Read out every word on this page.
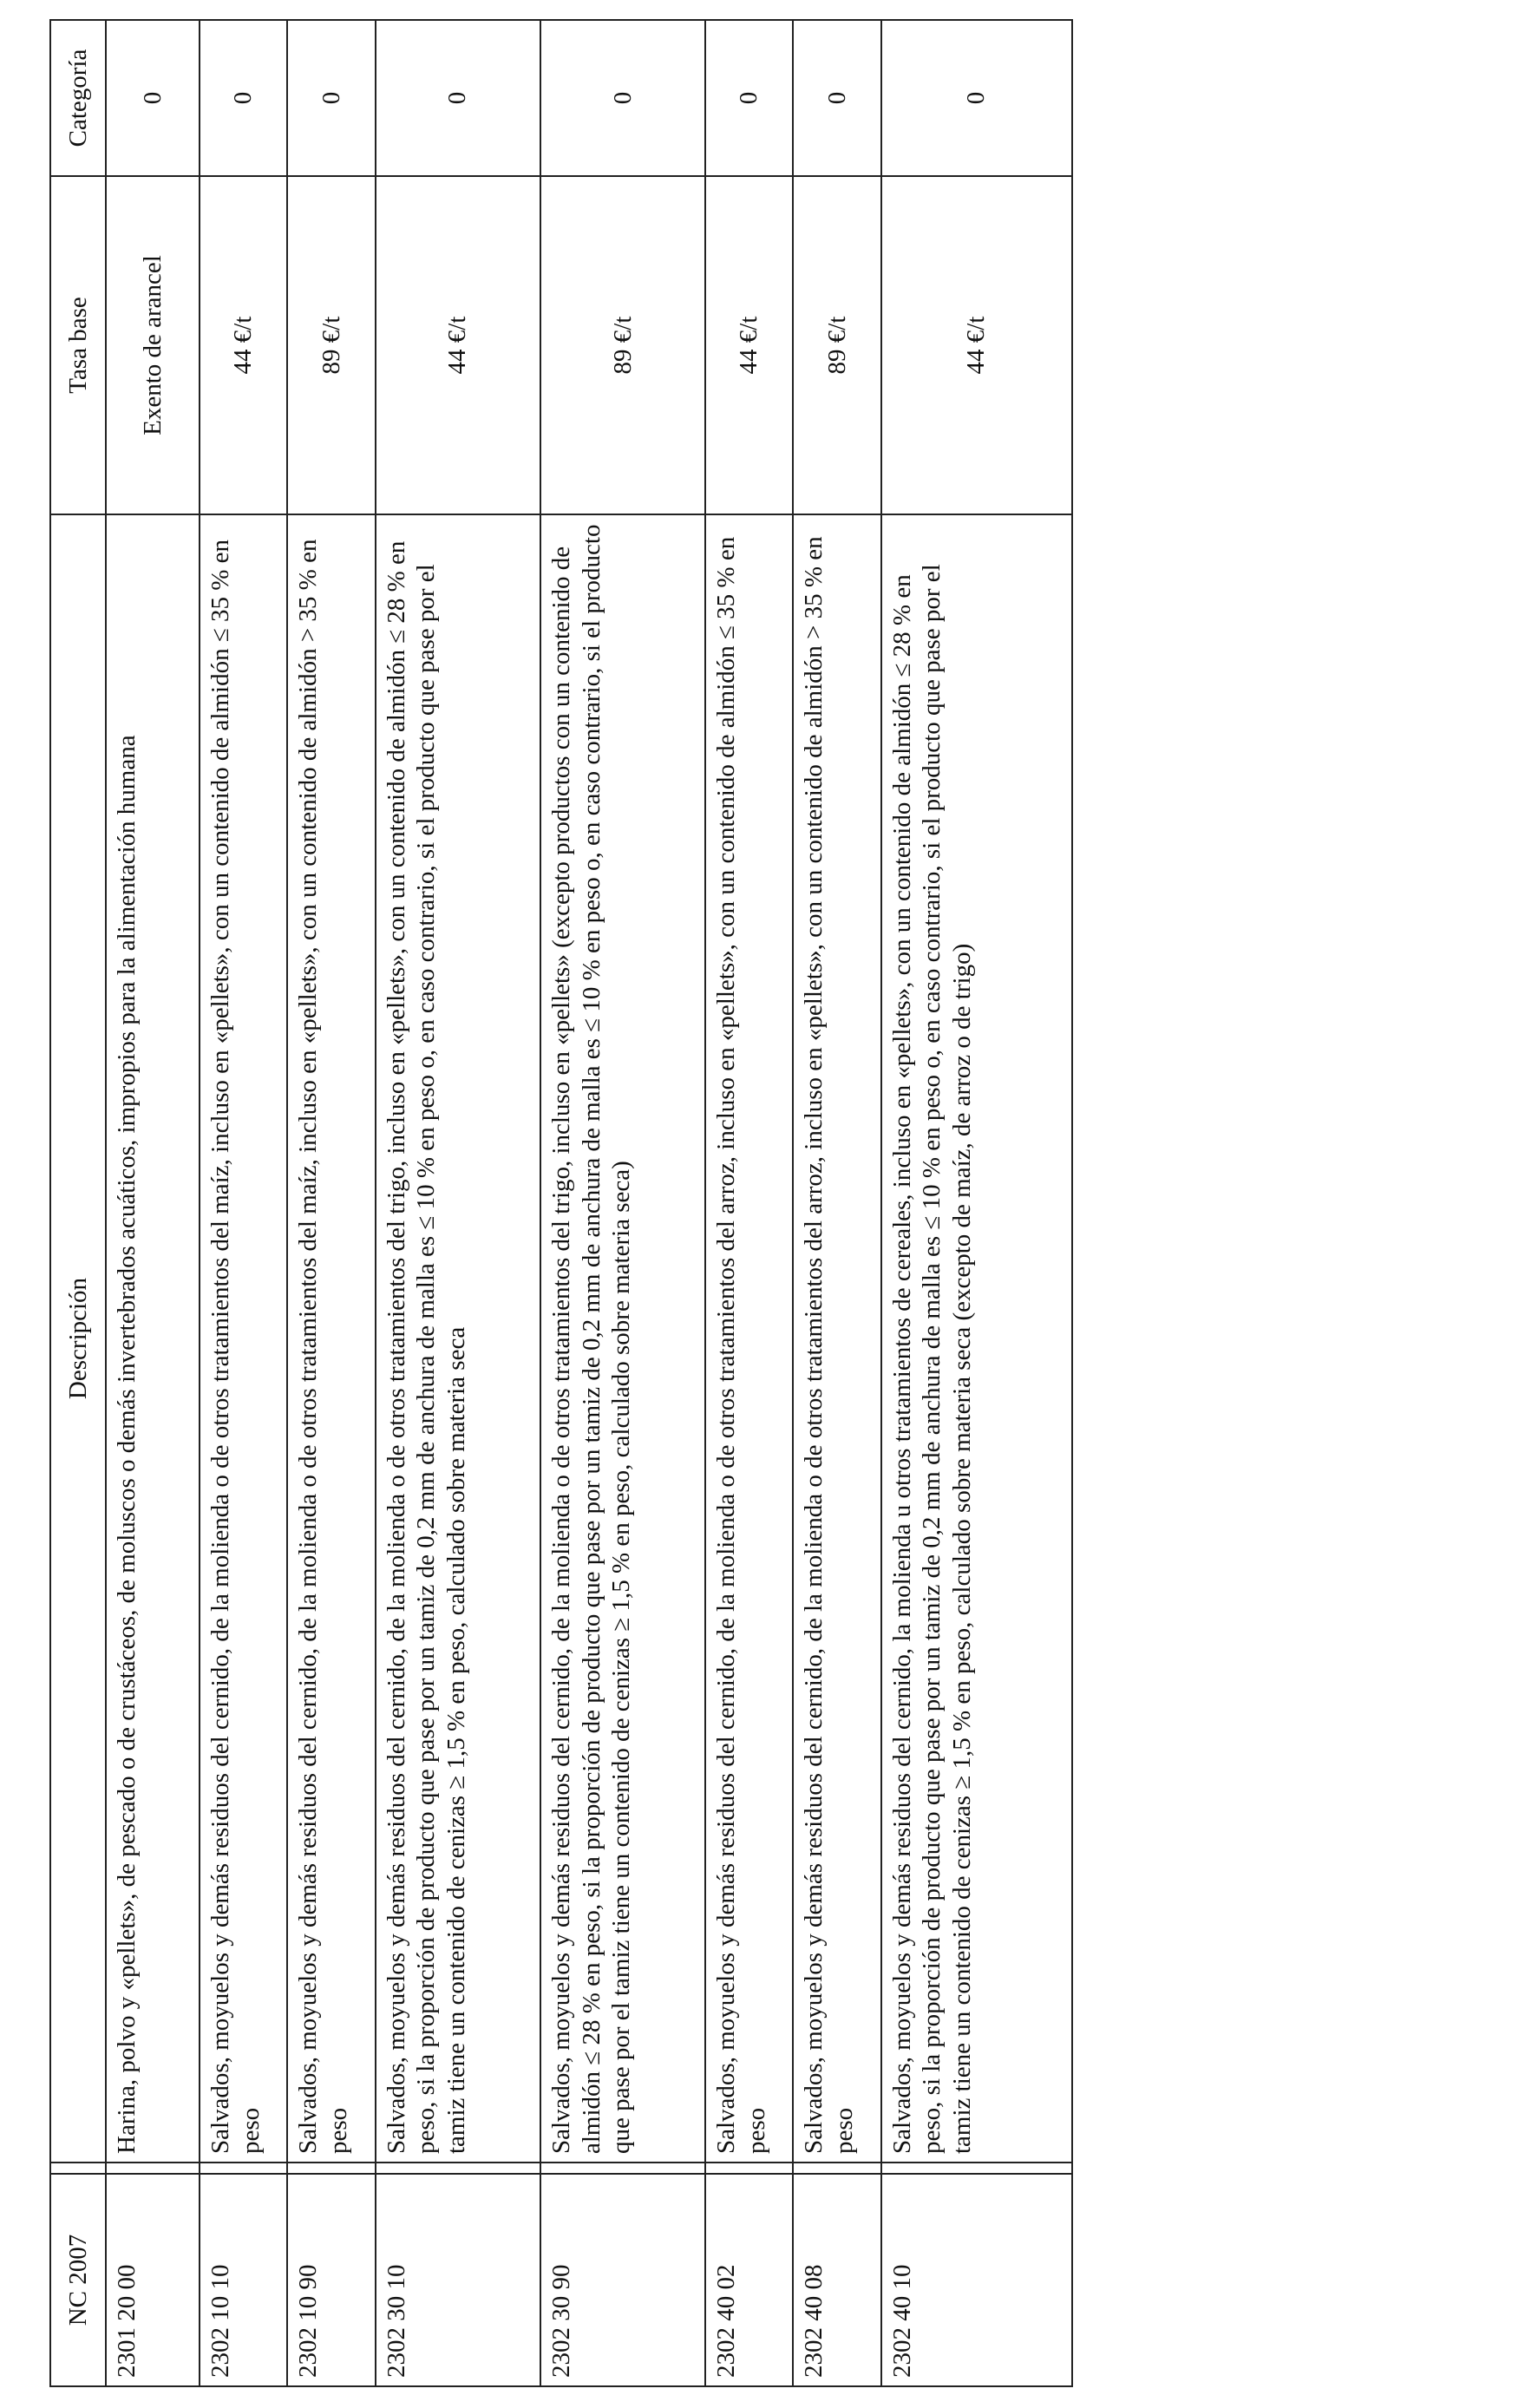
NC 2007		Descripción	Tasa base	Categoría
2301 20 00		Harina, polvo y «pellets», de pescado o de crustáceos, de moluscos o demás invertebrados acuáticos, impropios para la alimentación humana	Exento de arancel	0
2302 10 10		Salvados, moyuelos y demás residuos del cernido, de la molienda o de otros tratamientos del maíz, incluso en «pellets», con un contenido de almidón ≤ 35 % en peso	44 €/t	0
2302 10 90		Salvados, moyuelos y demás residuos del cernido, de la molienda o de otros tratamientos del maíz, incluso en «pellets», con un contenido de almidón > 35 % en peso	89 €/t	0
2302 30 10		Salvados, moyuelos y demás residuos del cernido, de la molienda o de otros tratamientos del trigo, incluso en «pellets», con un contenido de almidón ≤ 28 % en peso, si la proporción de producto que pase por un tamiz de 0,2 mm de anchura de malla es ≤ 10 % en peso o, en caso contrario, si el producto que pase por el tamiz tiene un contenido de cenizas ≥ 1,5 % en peso, calculado sobre materia seca	44 €/t	0
2302 30 90		Salvados, moyuelos y demás residuos del cernido, de la molienda o de otros tratamientos del trigo, incluso en «pellets» (excepto productos con un contenido de almidón ≤ 28 % en peso, si la proporción de producto que pase por un tamiz de 0,2 mm de anchura de malla es ≤ 10 % en peso o, en caso contrario, si el producto que pase por el tamiz tiene un contenido de cenizas ≥ 1,5 % en peso, calculado sobre materia seca)	89 €/t	0
2302 40 02		Salvados, moyuelos y demás residuos del cernido, de la molienda o de otros tratamientos del arroz, incluso en «pellets», con un contenido de almidón ≤ 35 % en peso	44 €/t	0
2302 40 08		Salvados, moyuelos y demás residuos del cernido, de la molienda o de otros tratamientos del arroz, incluso en «pellets», con un contenido de almidón > 35 % en peso	89 €/t	0
2302 40 10		Salvados, moyuelos y demás residuos del cernido, la molienda u otros tratamientos de cereales, incluso en «pellets», con un contenido de almidón ≤ 28 % en peso, si la proporción de producto que pase por un tamiz de 0,2 mm de anchura de malla es ≤ 10 % en peso o, en caso contrario, si el producto que pase por el tamiz tiene un contenido de cenizas ≥ 1,5 % en peso, calculado sobre materia seca (excepto de maíz, de arroz o de trigo)	44 €/t	0
